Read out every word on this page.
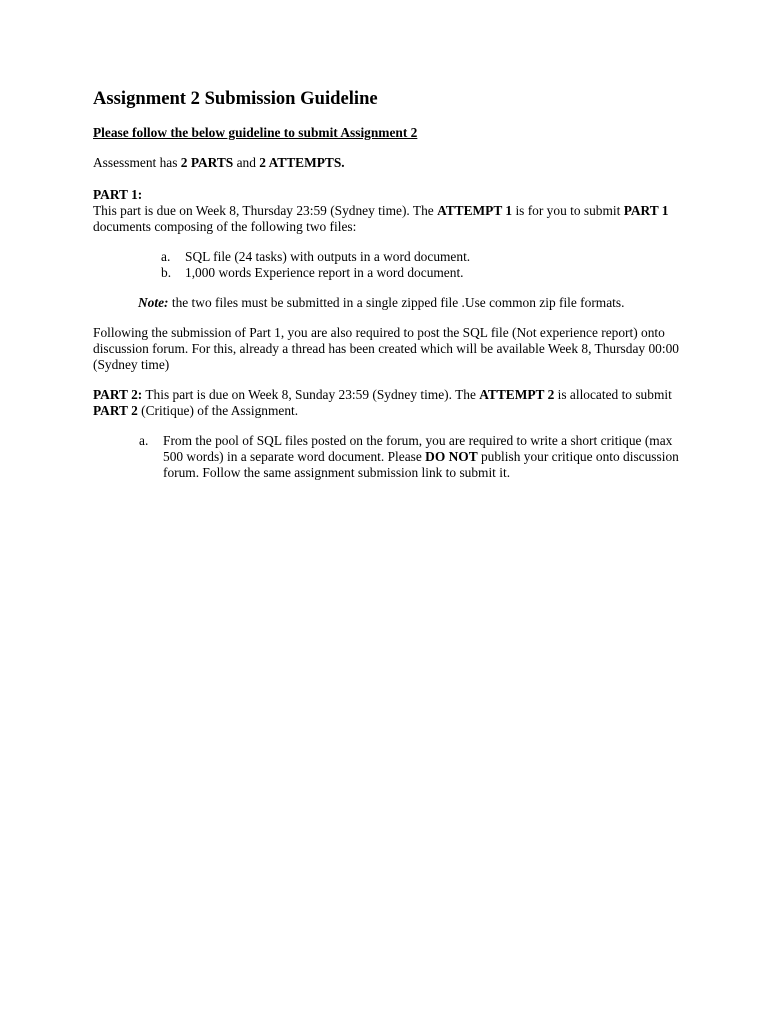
Assignment 2 Submission Guideline
Please follow the below guideline to submit Assignment 2
Assessment has 2 PARTS and 2 ATTEMPTS.
PART 1:

This part is due on Week 8, Thursday 23:59 (Sydney time). The ATTEMPT 1 is for you to submit PART 1 documents composing of the following two files:

a. SQL file (24 tasks) with outputs in a word document.
b. 1,000 words Experience report in a word document.
Note: the two files must be submitted in a single zipped file .Use common zip file formats.

Following the submission of Part 1, you are also required to post the SQL file (Not experience report) onto discussion forum. For this, already a thread has been created which will be available Week 8, Thursday 00:00 (Sydney time)

PART 2: This part is due on Week 8, Sunday 23:59 (Sydney time). The ATTEMPT 2 is allocated to submit PART 2 (Critique) of the Assignment.

a. From the pool of SQL files posted on the forum, you are required to write a short critique (max 500 words) in a separate word document. Please DO NOT publish your critique onto discussion forum. Follow the same assignment submission link to submit it.
